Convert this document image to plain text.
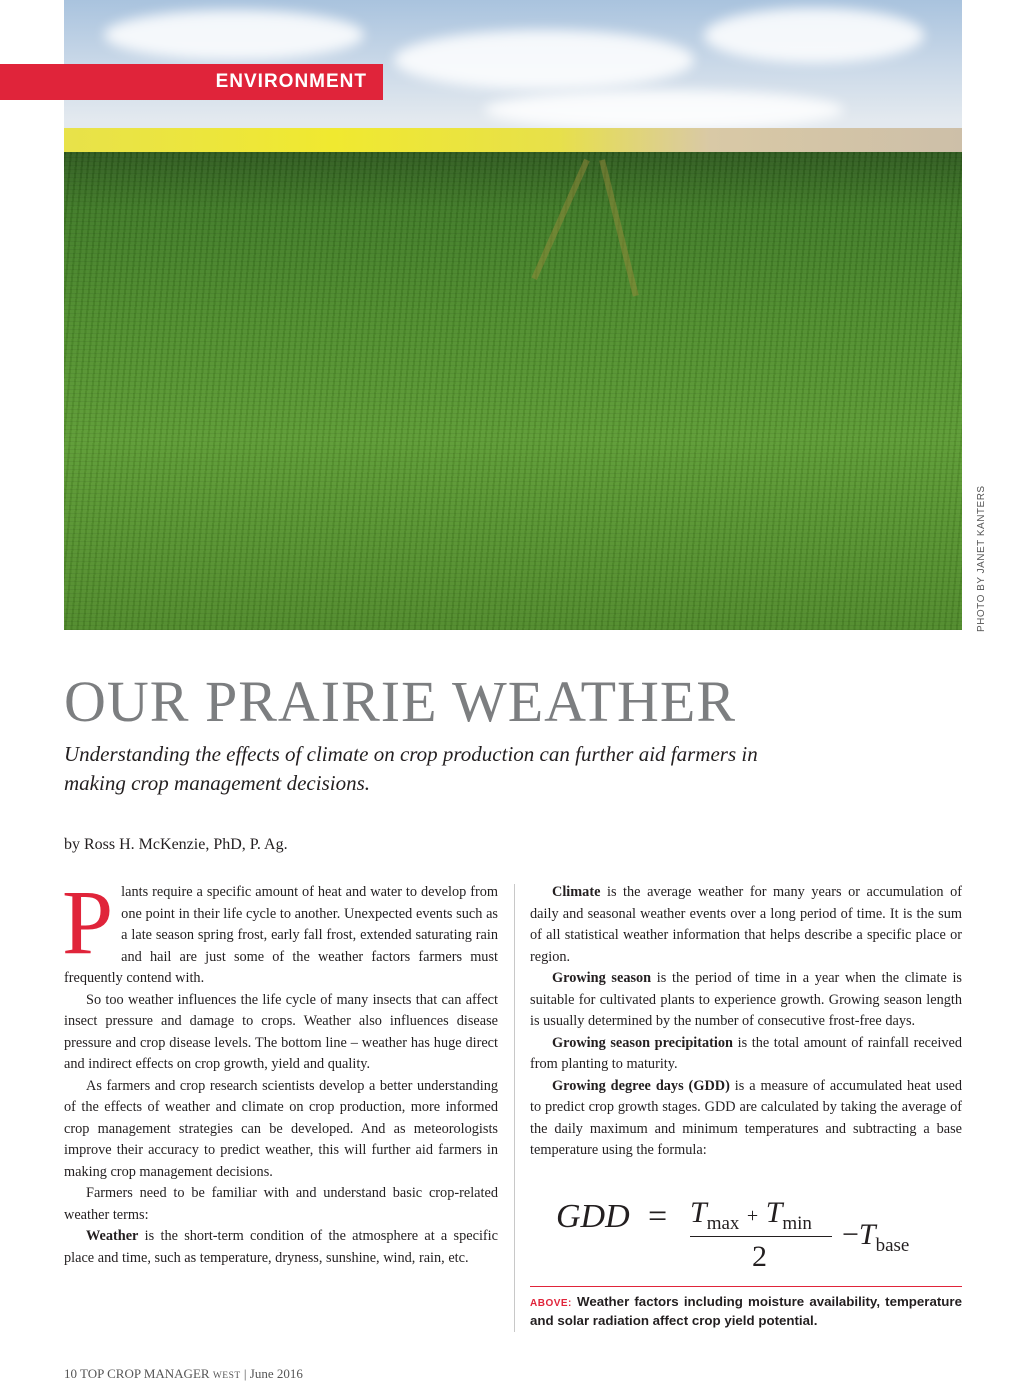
ENVIRONMENT
PHOTO BY JANET KANTERS
OUR PRAIRIE WEATHER

Understanding the effects of climate on crop production can further aid farmers in making crop management decisions.

by Ross H. McKenzie, PhD, P. Ag.

Plants require a specific amount of heat and water to develop from one point in their life cycle to another. Unexpected events such as a late season spring frost, early fall frost, extended saturating rain and hail are just some of the weather factors farmers must frequently contend with.

So too weather influences the life cycle of many insects that can affect insect pressure and damage to crops. Weather also influences disease pressure and crop disease levels. The bottom line – weather has huge direct and indirect effects on crop growth, yield and quality.

As farmers and crop research scientists develop a better understanding of the effects of weather and climate on crop production, more informed crop management strategies can be developed. And as meteorologists improve their accuracy to predict weather, this will further aid farmers in making crop management decisions.

Farmers need to be familiar with and understand basic crop-related weather terms:

Weather is the short-term condition of the atmosphere at a specific place and time, such as temperature, dryness, sunshine, wind, rain, etc.

Climate is the average weather for many years or accumulation of daily and seasonal weather events over a long period of time. It is the sum of all statistical weather information that helps describe a specific place or region.

Growing season is the period of time in a year when the climate is suitable for cultivated plants to experience growth. Growing season length is usually determined by the number of consecutive frost-free days.

Growing season precipitation is the total amount of rainfall received from planting to maturity.

Growing degree days (GDD) is a measure of accumulated heat used to predict crop growth stages. GDD are calculated by taking the average of the daily maximum and minimum temperatures and subtracting a base temperature using the formula:

GDD = $T_{max} + T_{min}$
2
$-T_{base}$

ABOVE: Weather factors including moisture availability, temperature and solar radiation affect crop yield potential.

10 TOP CROP MANAGER WEST | June 2016
